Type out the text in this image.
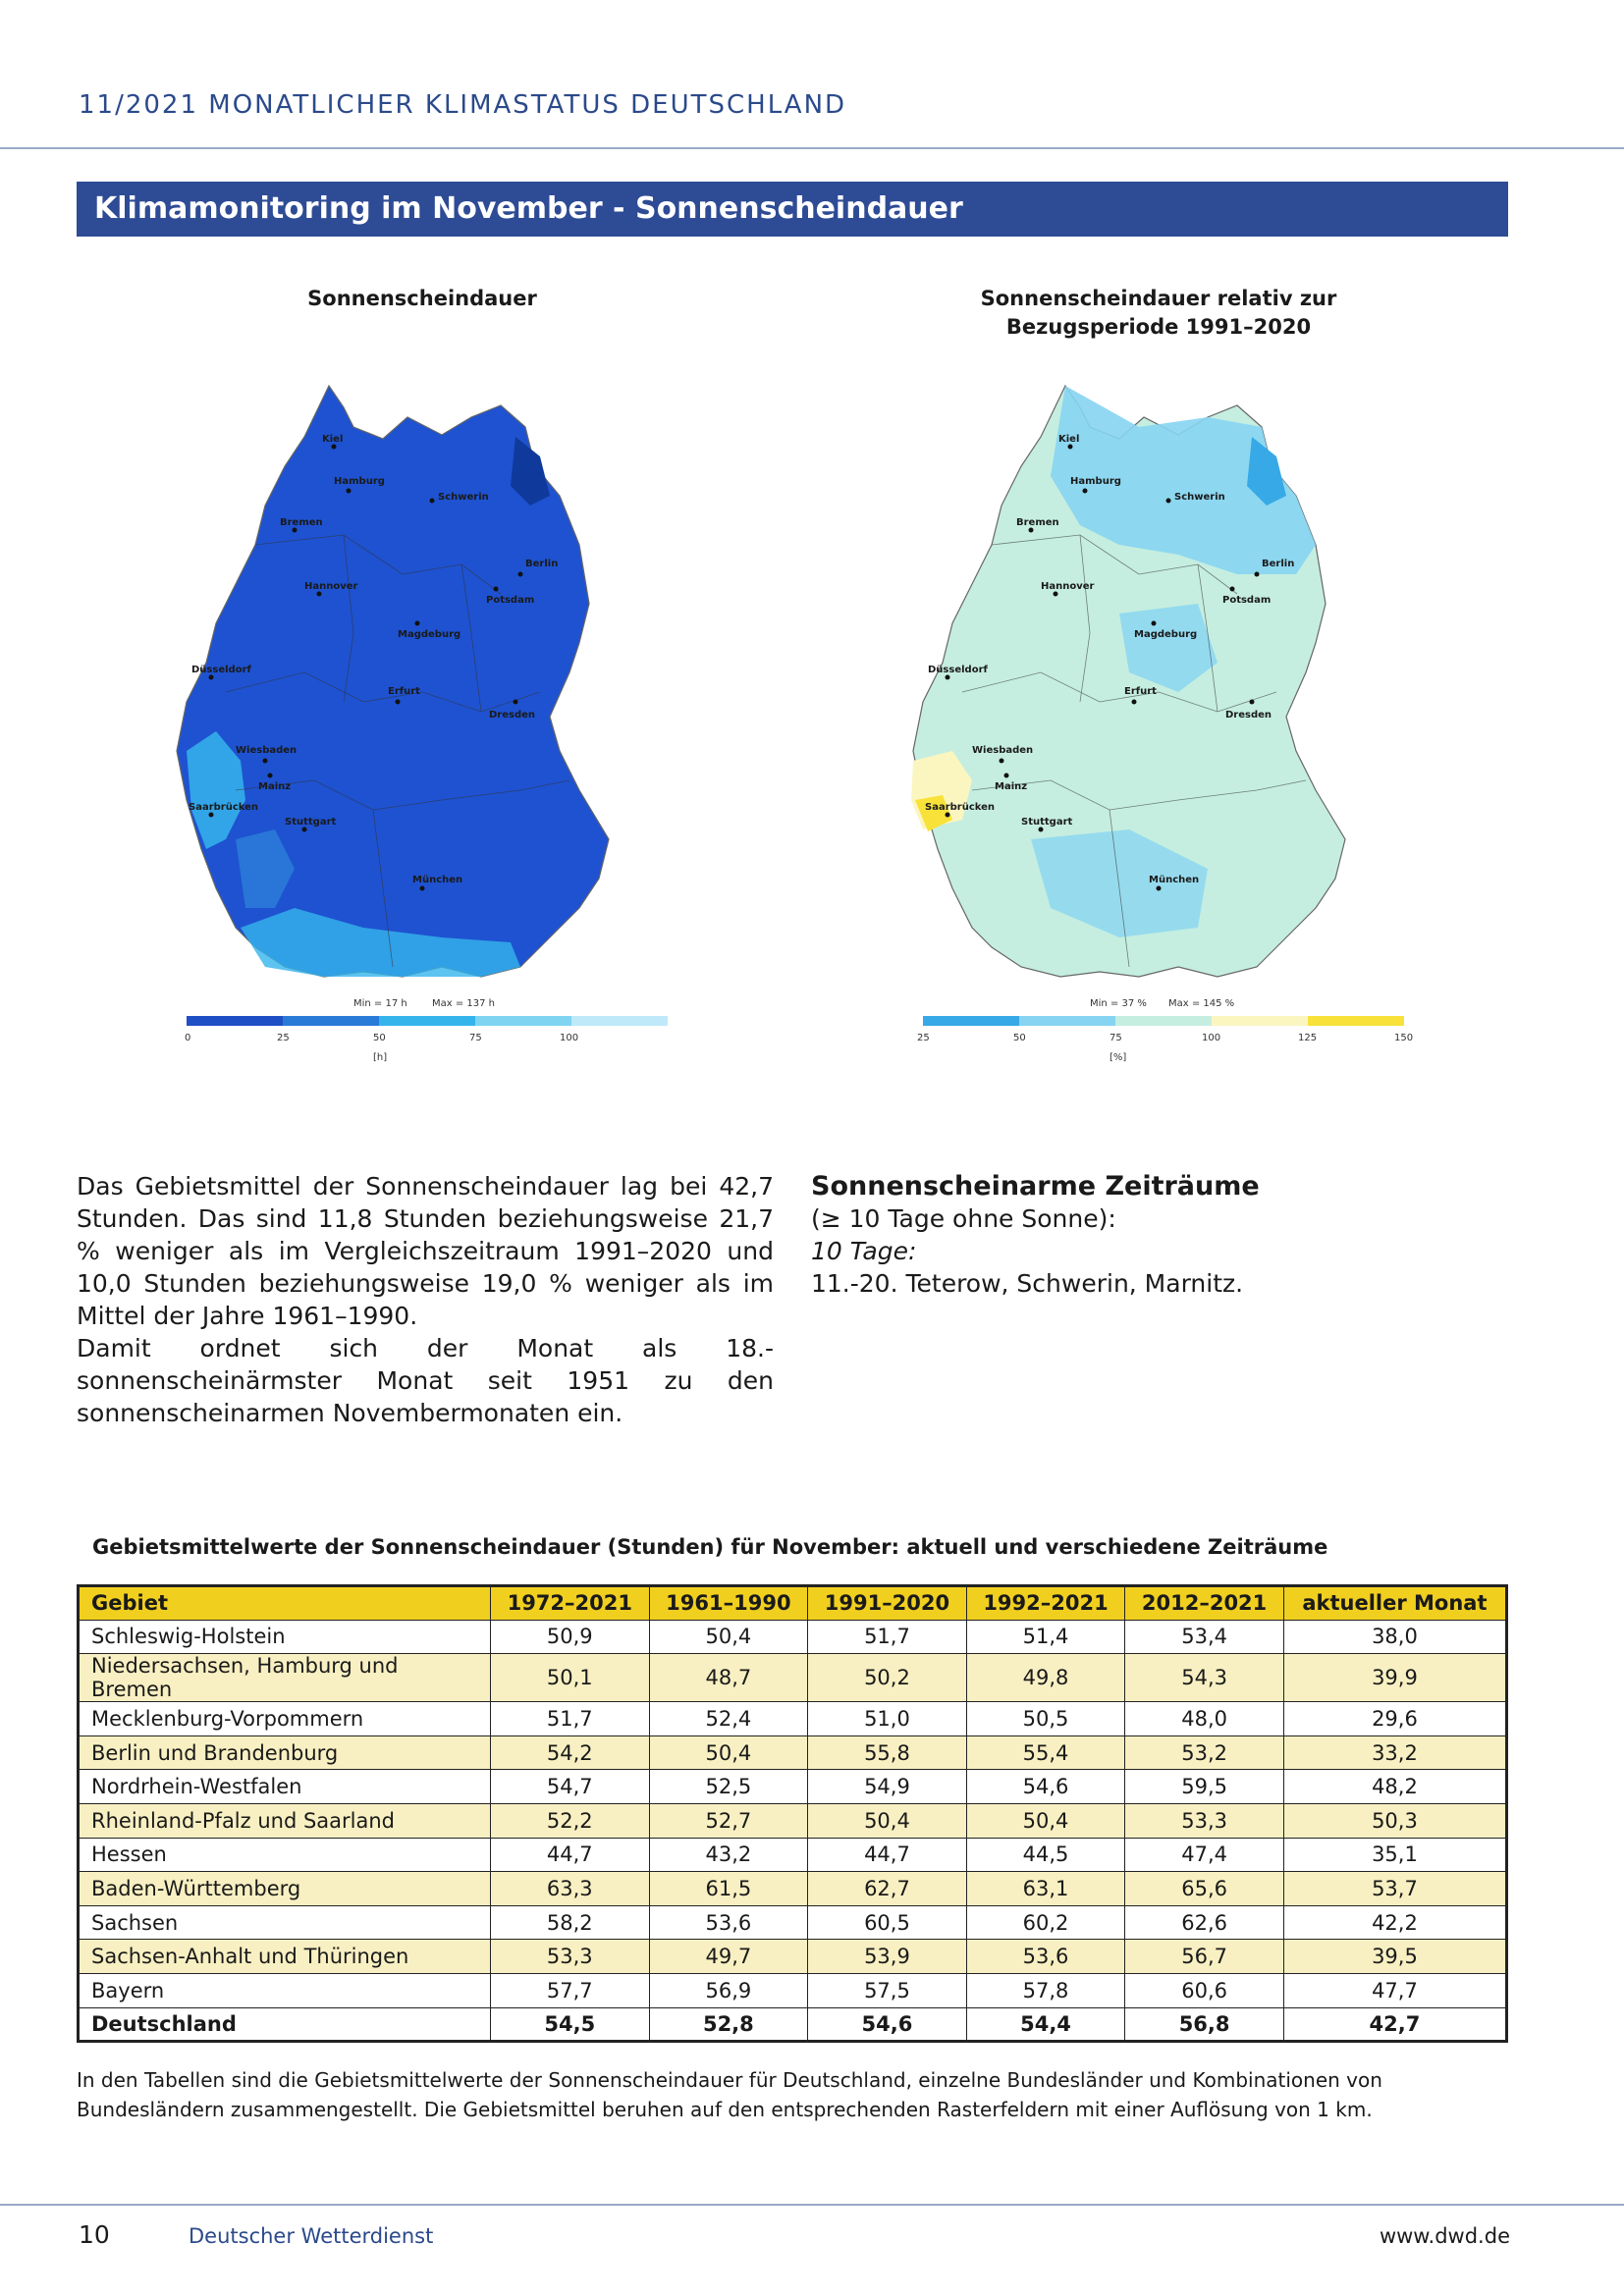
11/2021 MONATLICHER KLIMASTATUS DEUTSCHLAND
Klimamonitoring im November - Sonnenscheindauer
Sonnenscheindauer
Kiel
Hamburg
Schwerin
Bremen
Berlin
Potsdam
Hannover
Magdeburg
Düsseldorf
Erfurt
Dresden
Wiesbaden
Mainz
Saarbrücken
Stuttgart
München
Min = 17 h	Max = 137 h
0	25	50	75	100
[h]
Sonnenscheindauer relativ zur
Bezugsperiode 1991–2020
Kiel
Hamburg
Schwerin
Bremen
Berlin
Potsdam
Hannover
Magdeburg
Düsseldorf
Erfurt
Dresden
Wiesbaden
Mainz
Saarbrücken
Stuttgart
München
Min = 37 % Max = 145 %
25	50	75	100	125	150
[%]

Das Gebietsmittel der Sonnenscheindauer lag bei 42,7 Stunden. Das sind 11,8 Stunden beziehungsweise 21,7 % weniger als im Vergleichszeitraum 1991–2020 und 10,0 Stunden beziehungsweise 19,0 % weniger als im Mittel der Jahre 1961–1990.

Damit ordnet sich der Monat als 18.-sonnenscheinärmster Monat seit 1951 zu den sonnenscheinarmen Novembermonaten ein.

Sonnenscheinarme Zeiträume
(≥ 10 Tage ohne Sonne):
10 Tage:
11.-20. Teterow, Schwerin, Marnitz.
Gebietsmittelwerte der Sonnenscheindauer (Stunden) für November: aktuell und verschiedene Zeiträume
Gebiet	1972–2021	1961–1990	1991–2020	1992–2021	2012–2021	aktueller Monat
Schleswig-Holstein	50,9	50,4	51,7	51,4	53,4	38,0
Niedersachsen, Hamburg und Bremen	50,1	48,7	50,2	49,8	54,3	39,9
Mecklenburg-Vorpommern	51,7	52,4	51,0	50,5	48,0	29,6
Berlin und Brandenburg	54,2	50,4	55,8	55,4	53,2	33,2
Nordrhein-Westfalen	54,7	52,5	54,9	54,6	59,5	48,2
Rheinland-Pfalz und Saarland	52,2	52,7	50,4	50,4	53,3	50,3
Hessen	44,7	43,2	44,7	44,5	47,4	35,1
Baden-Württemberg	63,3	61,5	62,7	63,1	65,6	53,7
Sachsen	58,2	53,6	60,5	60,2	62,6	42,2
Sachsen-Anhalt und Thüringen	53,3	49,7	53,9	53,6	56,7	39,5
Bayern	57,7	56,9	57,5	57,8	60,6	47,7
Deutschland	54,5	52,8	54,6	54,4	56,8	42,7
In den Tabellen sind die Gebietsmittelwerte der Sonnenscheindauer für Deutschland, einzelne Bundesländer und Kombinationen von Bundesländern zusammengestellt. Die Gebietsmittel beruhen auf den entsprechenden Rasterfeldern mit einer Auflösung von 1 km.
10	Deutscher Wetterdienst	www.dwd.de
